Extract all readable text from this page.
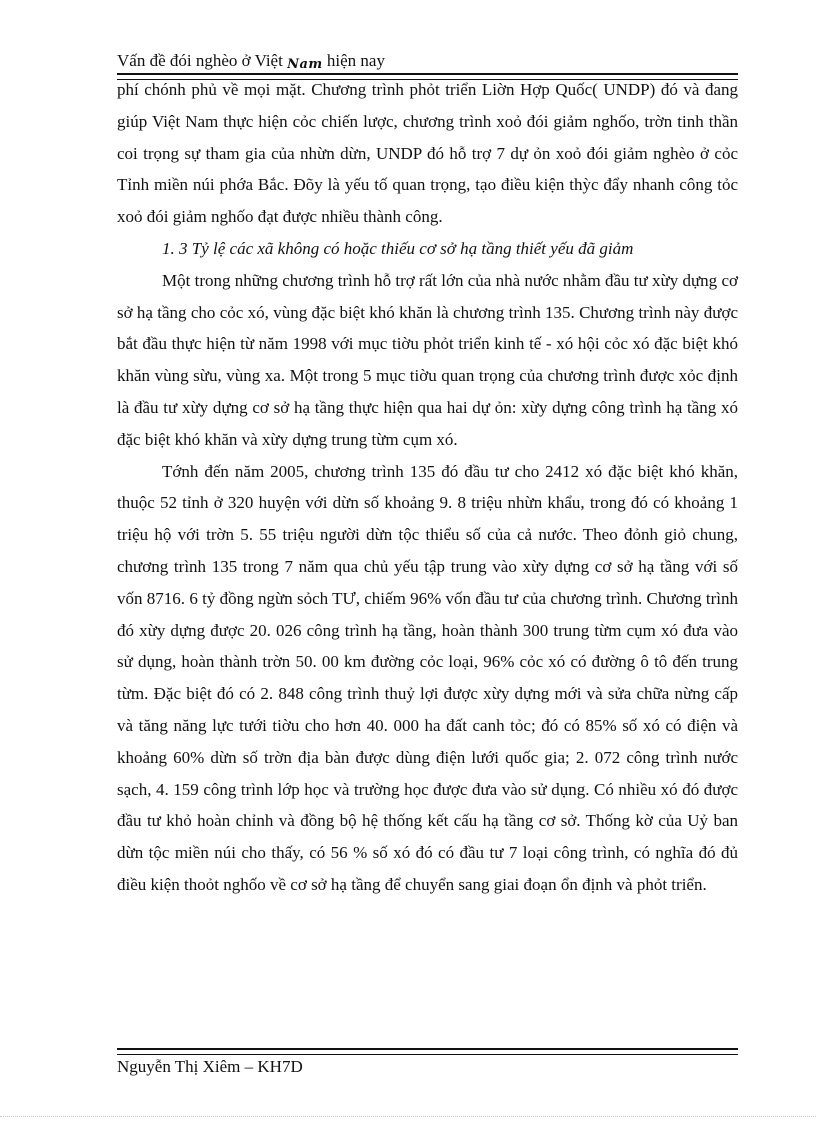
Vấn đề đói nghèo ở Việt Nam hiện nay

phí chónh phủ về mọi mặt. Chương trình phỏt triển Liờn Hợp Quốc( UNDP) đó và đang giúp Việt Nam thực hiện cỏc chiến lược, chương trình xoỏ đói giảm nghốo, trờn tinh thần coi trọng sự tham gia của nhừn dừn, UNDP đó hỗ trợ 7 dự ỏn xoỏ đói giảm nghèo ở cỏc Tỉnh miền núi phớa Bắc. Đõy là yếu tố quan trọng, tạo điều kiện thỳc đẩy nhanh công tỏc xoỏ đói giảm nghốo đạt được nhiều thành công.

1. 3 Tỷ lệ các xã không có hoặc thiếu cơ sở hạ tầng thiết yếu đã giảm

Một trong những chương trình hỗ trợ rất lớn của nhà nước nhằm đầu tư xừy dựng cơ sở hạ tầng cho cỏc xó, vùng đặc biệt khó khăn là chương trình 135. Chương trình này được bắt đầu thực hiện từ năm 1998 với mục tiờu phỏt triển kinh tế - xó hội cỏc xó đặc biệt khó khăn vùng sừu, vùng xa. Một trong 5 mục tiờu quan trọng của chương trình được xỏc định là đầu tư xừy dựng cơ sở hạ tầng thực hiện qua hai dự ỏn: xừy dựng công trình hạ tầng xó đặc biệt khó khăn và xừy dựng trung từm cụm xó.

Tớnh đến năm 2005, chương trình 135 đó đầu tư cho 2412 xó đặc biệt khó khăn, thuộc 52 tỉnh ở 320 huyện với dừn số khoảng 9. 8 triệu nhừn khẩu, trong đó có khoảng 1 triệu hộ với trờn 5. 55 triệu người dừn tộc thiểu số của cả nước. Theo đỏnh giỏ chung, chương trình 135 trong 7 năm qua chủ yếu tập trung vào xừy dựng cơ sở hạ tầng với số vốn 8716. 6 tỷ đồng ngừn sỏch TƯ, chiếm 96% vốn đầu tư của chương trình. Chương trình đó xừy dựng được 20. 026 công trình hạ tầng, hoàn thành 300 trung từm cụm xó đưa vào sử dụng, hoàn thành trờn 50. 00 km đường cỏc loại, 96% cỏc xó có đường ô tô đến trung từm. Đặc biệt đó có 2. 848 công trình thuỷ lợi được xừy dựng mới và sửa chữa nừng cấp và tăng năng lực tưới tiờu cho hơn 40. 000 ha đất canh tỏc; đó có 85% số xó có điện và khoảng 60% dừn số trờn địa bàn được dùng điện lưới quốc gia; 2. 072 công trình nước sạch, 4. 159 công trình lớp học và trường học được đưa vào sử dụng. Có nhiều xó đó được đầu tư khỏ hoàn chỉnh và đồng bộ hệ thống kết cấu hạ tầng cơ sở. Thống kờ của Uỷ ban dừn tộc miền núi cho thấy, có 56 % số xó đó có đầu tư 7 loại công trình, có nghĩa đó đủ điều kiện thoỏt nghốo về cơ sở hạ tầng để chuyển sang giai đoạn ổn định và phỏt triển.

Nguyễn Thị Xiêm – KH7D
